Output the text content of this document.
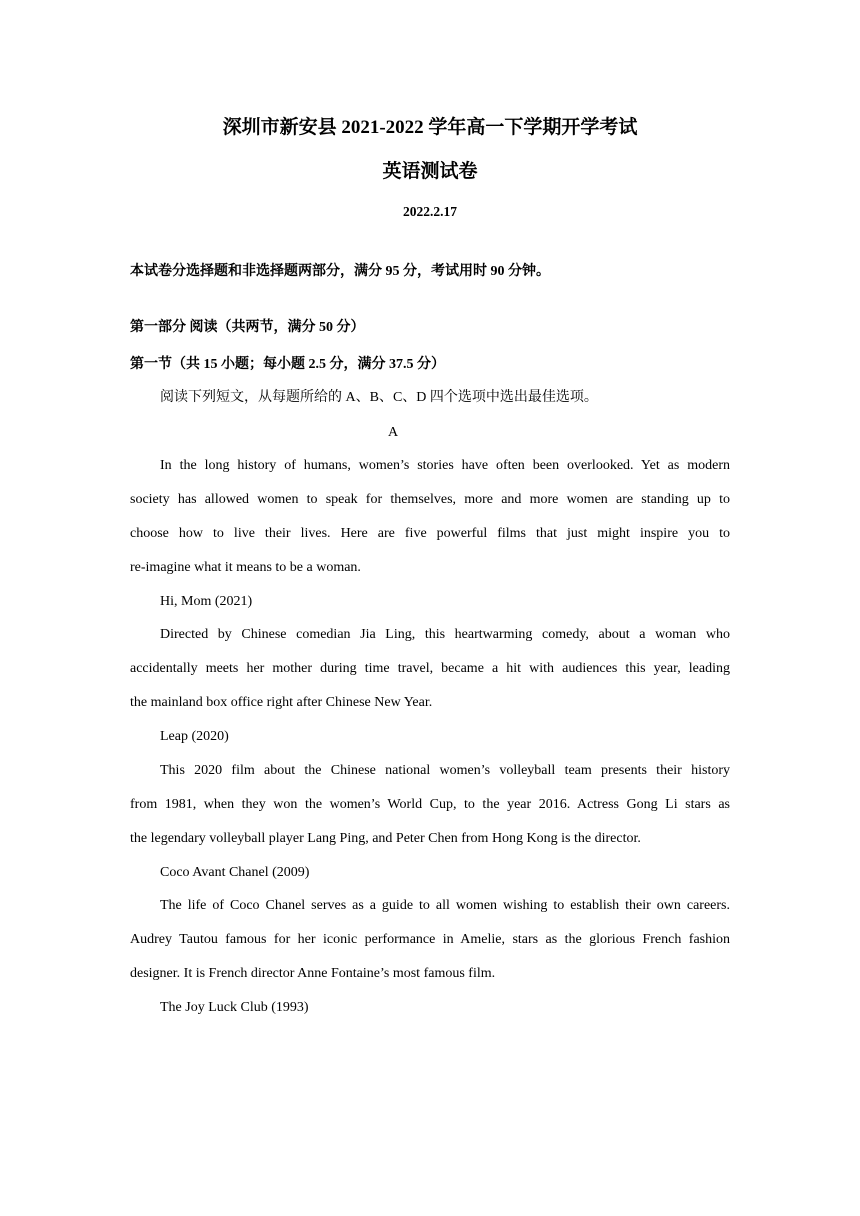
深圳市新安县 2021-2022 学年高一下学期开学考试
英语测试卷
2022.2.17
本试卷分选择题和非选择题两部分，满分 95 分，考试用时 90 分钟。
第一部分 阅读（共两节，满分 50 分）
第一节（共 15 小题；每小题 2.5 分，满分 37.5 分）
阅读下列短文，从每题所给的 A、B、C、D 四个选项中选出最佳选项。
A
In the long history of humans, women’s stories have often been overlooked. Yet as modern
society has allowed women to speak for themselves, more and more women are standing up to
choose how to live their lives. Here are five powerful films that just might inspire you to
re-imagine what it means to be a woman.
Hi, Mom (2021)
Directed by Chinese comedian Jia Ling, this heartwarming comedy, about a woman who
accidentally meets her mother during time travel, became a hit with audiences this year, leading
the mainland box office right after Chinese New Year.
Leap (2020)
This 2020 film about the Chinese national women’s volleyball team presents their history
from 1981, when they won the women’s World Cup, to the year 2016. Actress Gong Li stars as
the legendary volleyball player Lang Ping, and Peter Chen from Hong Kong is the director.
Coco Avant Chanel (2009)
The life of Coco Chanel serves as a guide to all women wishing to establish their own careers.
Audrey Tautou famous for her iconic performance in Amelie, stars as the glorious French fashion
designer. It is French director Anne Fontaine’s most famous film.
The Joy Luck Club (1993)
